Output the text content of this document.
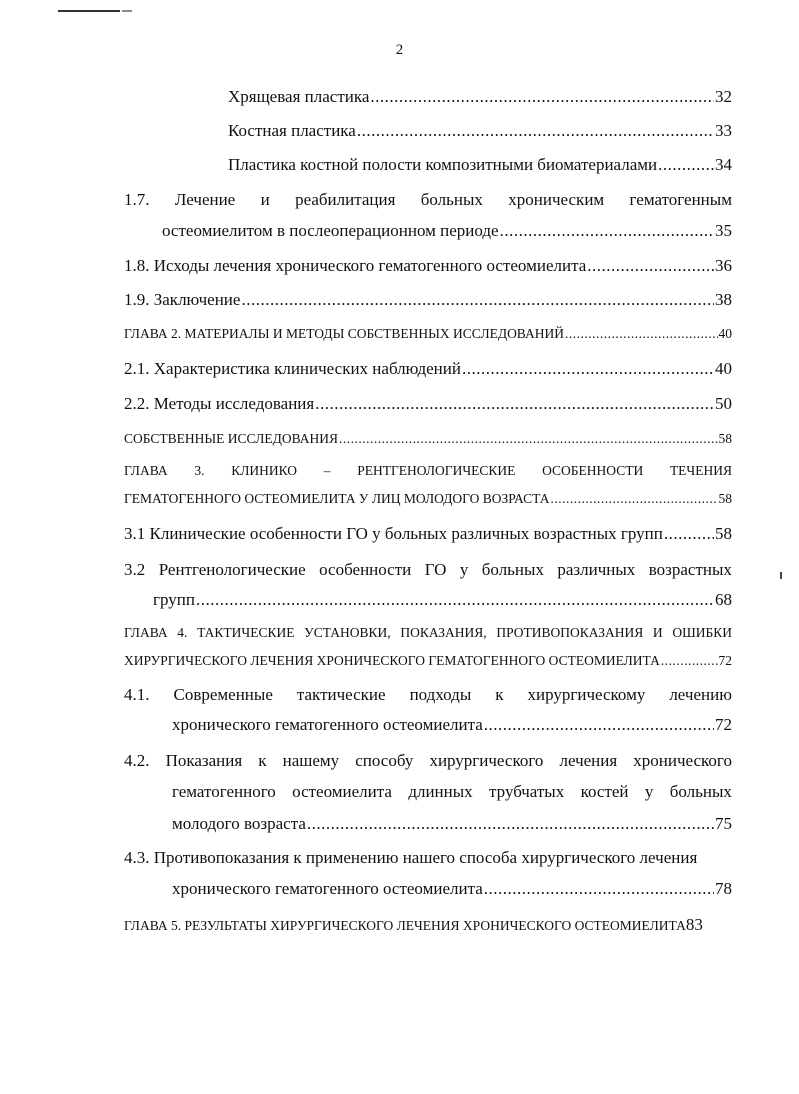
2
Хрящевая пластика .....	32
Костная пластика .....	33
Пластика костной полости композитными биоматериалами .....	34
1.7. Лечение и реабилитация больных хроническим гематогенным
остеомиелитом в послеоперационном периоде .....	35
1.8. Исходы лечения хронического гематогенного остеомиелита .....	36
1.9. Заключение .....	38
ГЛАВА 2. МАТЕРИАЛЫ И МЕТОДЫ СОБСТВЕННЫХ ИССЛЕДОВАНИЙ .....	40
2.1. Характеристика клинических наблюдений .....	40
2.2. Методы исследования .....	50
СОБСТВЕННЫЕ ИССЛЕДОВАНИЯ .....	58
ГЛАВА 3. КЛИНИКО – РЕНТГЕНОЛОГИЧЕСКИЕ ОСОБЕННОСТИ ТЕЧЕНИЯ
ГЕМАТОГЕННОГО ОСТЕОМИЕЛИТА У ЛИЦ МОЛОДОГО ВОЗРАСТА .....	58
3.1 Клинические особенности ГО у больных различных возрастных групп .....	58
3.2 Рентгенологические особенности ГО у больных различных возрастных
групп .....	68
ГЛАВА 4. ТАКТИЧЕСКИЕ УСТАНОВКИ, ПОКАЗАНИЯ, ПРОТИВОПОКАЗАНИЯ И ОШИБКИ
ХИРУРГИЧЕСКОГО ЛЕЧЕНИЯ ХРОНИЧЕСКОГО ГЕМАТОГЕННОГО ОСТЕОМИЕЛИТА .....	72
4.1. Современные тактические подходы к хирургическому лечению
хронического гематогенного остеомиелита .....	72
4.2. Показания к нашему способу хирургического лечения хронического
гематогенного остеомиелита длинных трубчатых костей у больных
молодого возраста .....	75
4.3. Противопоказания к применению нашего способа хирургического лечения
хронического гематогенного остеомиелита .....	78
ГЛАВА 5. РЕЗУЛЬТАТЫ ХИРУРГИЧЕСКОГО ЛЕЧЕНИЯ ХРОНИЧЕСКОГО ОСТЕОМИЕЛИТА 83
